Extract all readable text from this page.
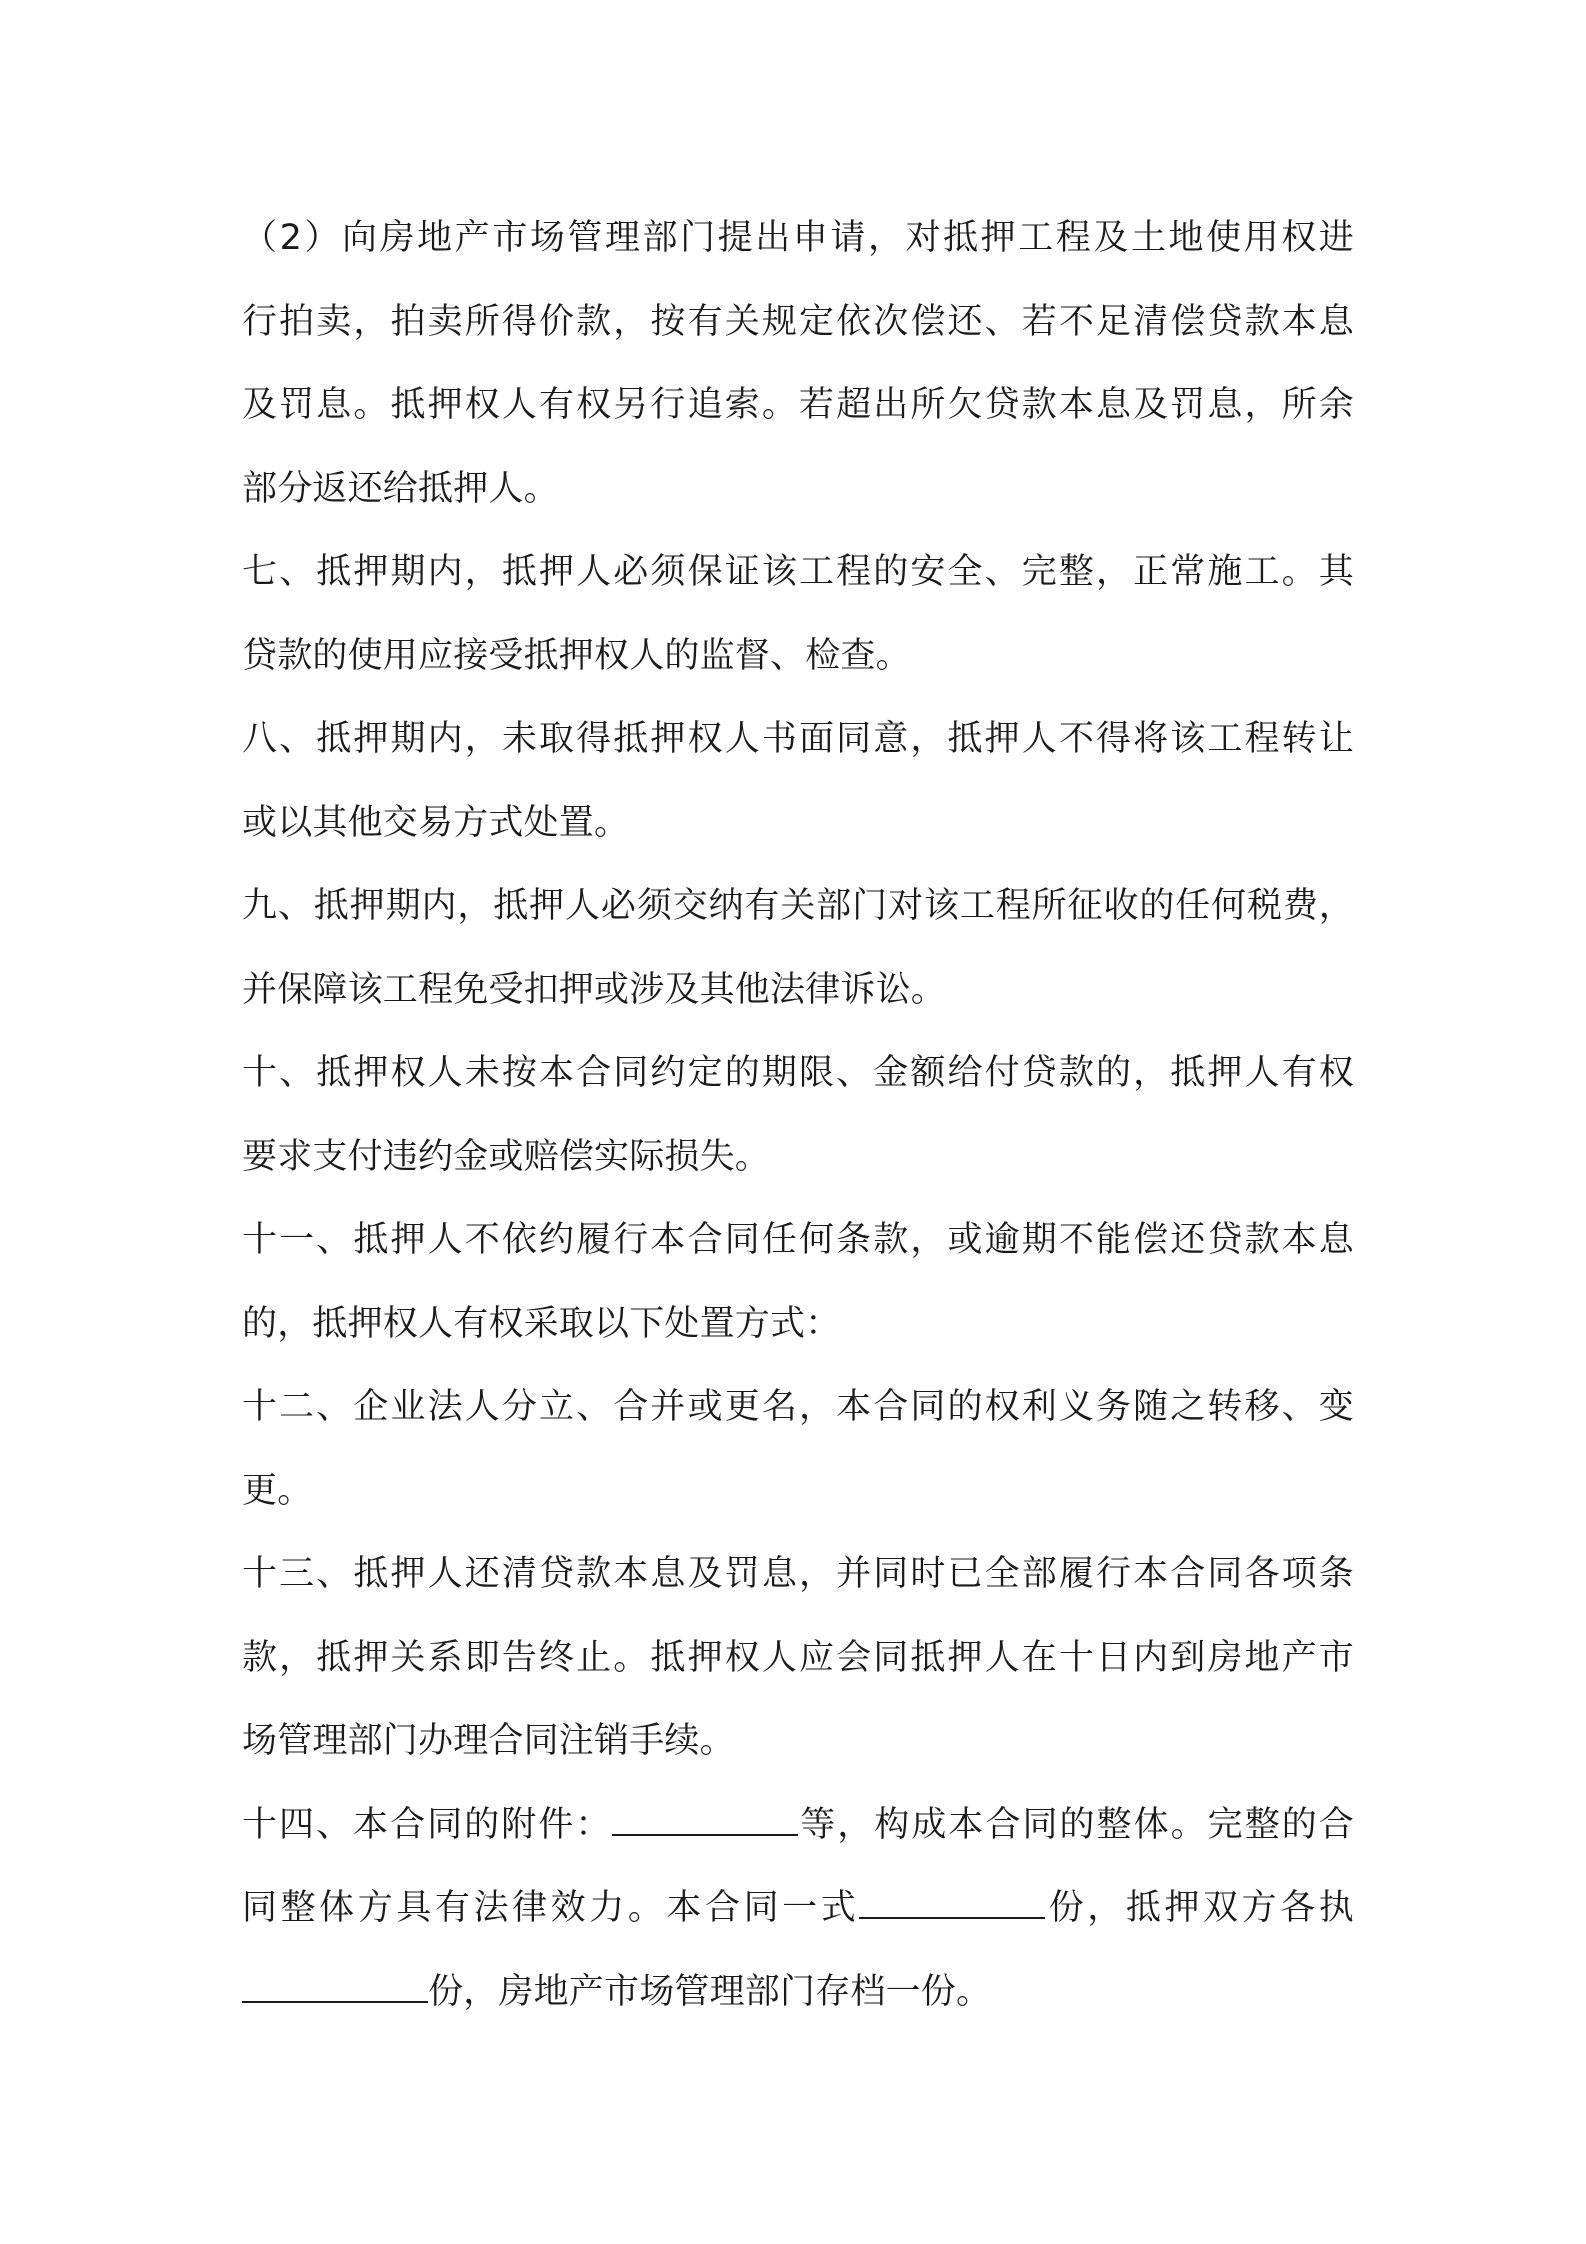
（2）向房地产市场管理部门提出申请，对抵押工程及土地使用权进
行拍卖，拍卖所得价款，按有关规定依次偿还、若不足清偿贷款本息
及罚息。抵押权人有权另行追索。若超出所欠贷款本息及罚息，所余
部分返还给抵押人。

七、抵押期内，抵押人必须保证该工程的安全、完整，正常施工。其
贷款的使用应接受抵押权人的监督、检查。

八、抵押期内，未取得抵押权人书面同意，抵押人不得将该工程转让
或以其他交易方式处置。

九、抵押期内，抵押人必须交纳有关部门对该工程所征收的任何税费，
并保障该工程免受扣押或涉及其他法律诉讼。

十、抵押权人未按本合同约定的期限、金额给付贷款的，抵押人有权
要求支付违约金或赔偿实际损失。

十一、抵押人不依约履行本合同任何条款，或逾期不能偿还贷款本息
的，抵押权人有权采取以下处置方式：

十二、企业法人分立、合并或更名，本合同的权利义务随之转移、变
更。

十三、抵押人还清贷款本息及罚息，并同时已全部履行本合同各项条
款，抵押关系即告终止。抵押权人应会同抵押人在十日内到房地产市
场管理部门办理合同注销手续。

十四、本合同的附件：	等，构成本合同的整体。完整的合
同整体方具有法律效力。本合同一式	份，抵押双方各执
份，房地产市场管理部门存档一份。
